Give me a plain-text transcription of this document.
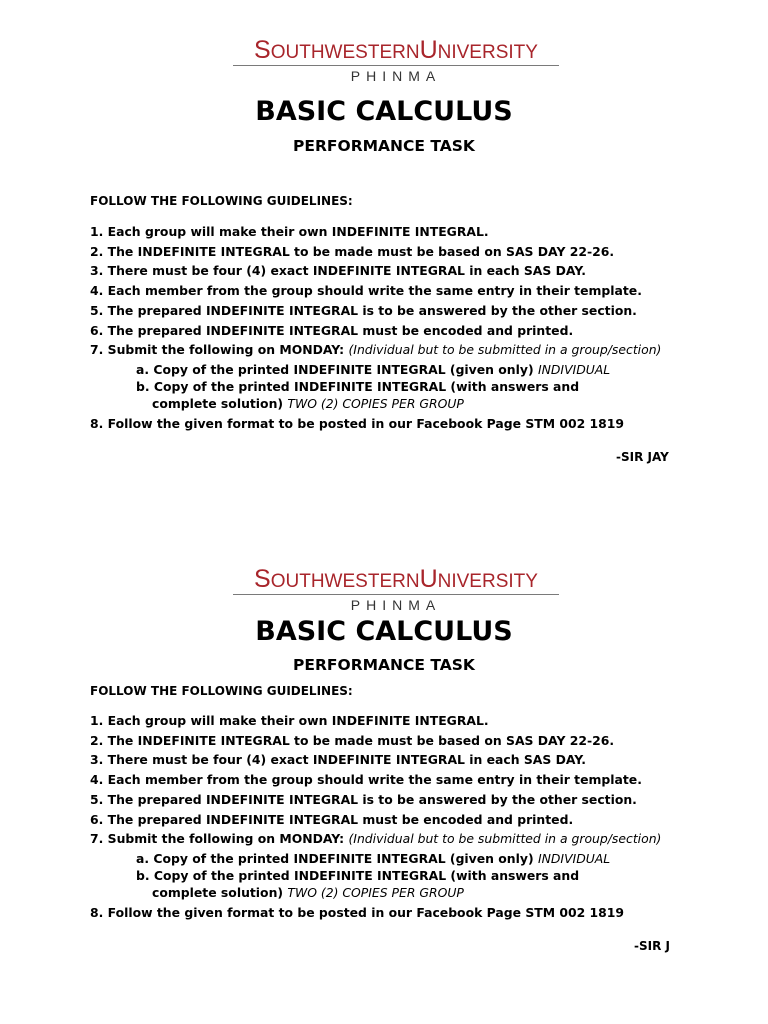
SOUTHWESTERNUNIVERSITY
PHINMA
BASIC CALCULUS
PERFORMANCE TASK
FOLLOW THE FOLLOWING GUIDELINES:
1. Each group will make their own INDEFINITE INTEGRAL.
2. The INDEFINITE INTEGRAL to be made must be based on SAS DAY 22-26.
3. There must be four (4) exact INDEFINITE INTEGRAL in each SAS DAY.
4. Each member from the group should write the same entry in their template.
5. The prepared INDEFINITE INTEGRAL is to be answered by the other section.
6. The prepared INDEFINITE INTEGRAL must be encoded and printed.
7. Submit the following on MONDAY: (Individual but to be submitted in a group/section)
a. Copy of the printed INDEFINITE INTEGRAL (given only) INDIVIDUAL
b. Copy of the printed INDEFINITE INTEGRAL (with answers and
complete solution) TWO (2) COPIES PER GROUP
8. Follow the given format to be posted in our Facebook Page STM 002 1819
-SIR JAY
SOUTHWESTERNUNIVERSITY
PHINMA
BASIC CALCULUS
PERFORMANCE TASK
FOLLOW THE FOLLOWING GUIDELINES:
1. Each group will make their own INDEFINITE INTEGRAL.
2. The INDEFINITE INTEGRAL to be made must be based on SAS DAY 22-26.
3. There must be four (4) exact INDEFINITE INTEGRAL in each SAS DAY.
4. Each member from the group should write the same entry in their template.
5. The prepared INDEFINITE INTEGRAL is to be answered by the other section.
6. The prepared INDEFINITE INTEGRAL must be encoded and printed.
7. Submit the following on MONDAY: (Individual but to be submitted in a group/section)
a. Copy of the printed INDEFINITE INTEGRAL (given only) INDIVIDUAL
b. Copy of the printed INDEFINITE INTEGRAL (with answers and
complete solution) TWO (2) COPIES PER GROUP
8. Follow the given format to be posted in our Facebook Page STM 002 1819
-SIR J
